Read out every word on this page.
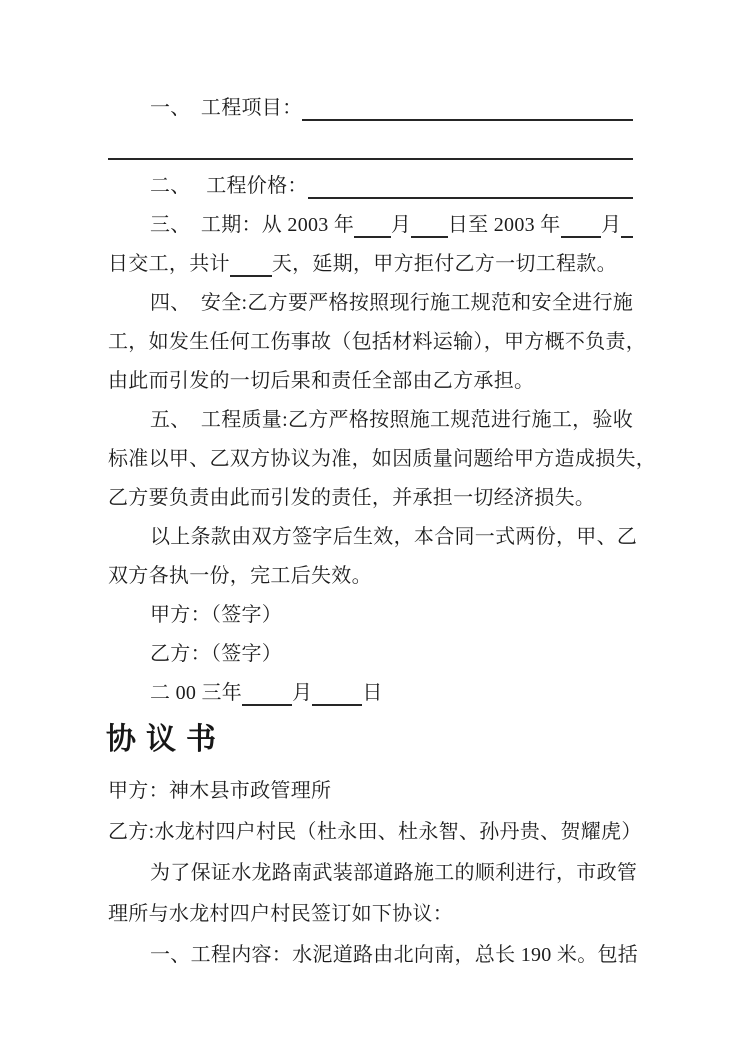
一、　工程项目：
二、　 工程价格：
三、　工期：从 2003 年 月 日至 2003 年 月
日交工，共计 天，延期，甲方拒付乙方一切工程款。
四、　安全:乙方要严格按照现行施工规范和安全进行施
工，如发生任何工伤事故（包括材料运输），甲方概不负责，
由此而引发的一切后果和责任全部由乙方承担。
五、　工程质量:乙方严格按照施工规范进行施工，验收
标准以甲、乙双方协议为准，如因质量问题给甲方造成损失，
乙方要负责由此而引发的责任，并承担一切经济损失。
以上条款由双方签字后生效，本合同一式两份，甲、乙
双方各执一份，完工后失效。
甲方：（签字）
乙方：（签字）
二 00 三年	月	日
协议书
甲方：神木县市政管理所
乙方:水龙村四户村民（杜永田、杜永智、孙丹贵、贺耀虎）
为了保证水龙路南武装部道路施工的顺利进行，市政管
理所与水龙村四户村民签订如下协议：
一、工程内容：水泥道路由北向南，总长 190 米。包括
